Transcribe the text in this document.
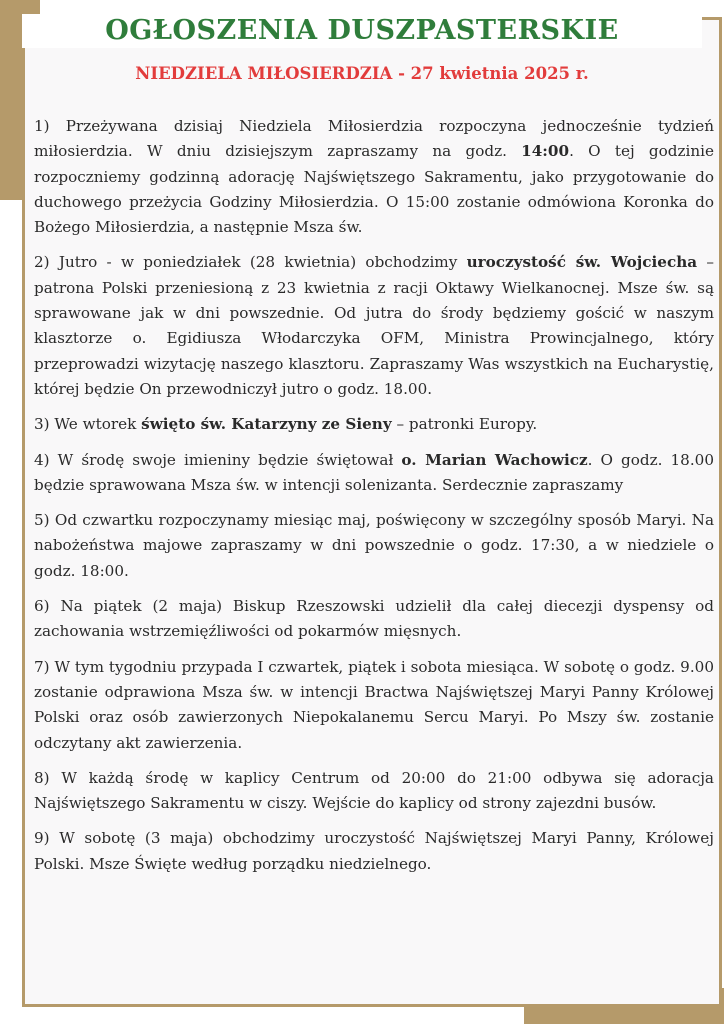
OGŁOSZENIA DUSZPASTERSKIE
NIEDZIELA MIŁOSIERDZIA - 27 kwietnia 2025 r.

1) Przeżywana dzisiaj Niedziela Miłosierdzia rozpoczyna jednocześnie tydzień miłosierdzia. W dniu dzisiejszym zapraszamy na godz. 14:00. O tej godzinie rozpoczniemy godzinną adorację Najświętszego Sakramentu, jako przygotowanie do duchowego przeżycia Godziny Miłosierdzia. O 15:00 zostanie odmówiona Koronka do Bożego Miłosierdzia, a następnie Msza św.

2) Jutro - w poniedziałek (28 kwietnia) obchodzimy uroczystość św. Wojciecha – patrona Polski przeniesioną z 23 kwietnia z racji Oktawy Wielkanocnej. Msze św. są sprawowane jak w dni powszednie. Od jutra do środy będziemy gościć w naszym klasztorze o. Egidiusza Włodarczyka OFM, Ministra Prowincjalnego, który przeprowadzi wizytację naszego klasztoru. Zapraszamy Was wszystkich na Eucharystię, której będzie On przewodniczył jutro o godz. 18.00.

3) We wtorek święto św. Katarzyny ze Sieny – patronki Europy.

4) W środę swoje imieniny będzie świętował o. Marian Wachowicz. O godz. 18.00 będzie sprawowana Msza św. w intencji solenizanta. Serdecznie zapraszamy

5) Od czwartku rozpoczynamy miesiąc maj, poświęcony w szczególny sposób Maryi. Na nabożeństwa majowe zapraszamy w dni powszednie o godz. 17:30, a w niedziele o godz. 18:00.

6) Na piątek (2 maja) Biskup Rzeszowski udzielił dla całej diecezji dyspensy od zachowania wstrzemięźliwości od pokarmów mięsnych.

7) W tym tygodniu przypada I czwartek, piątek i sobota miesiąca. W sobotę o godz. 9.00 zostanie odprawiona Msza św. w intencji Bractwa Najświętszej Maryi Panny Królowej Polski oraz osób zawierzonych Niepokalanemu Sercu Maryi. Po Mszy św. zostanie odczytany akt zawierzenia.

8) W każdą środę w kaplicy Centrum od 20:00 do 21:00 odbywa się adoracja Najświętszego Sakramentu w ciszy. Wejście do kaplicy od strony zajezdni busów.

9) W sobotę (3 maja) obchodzimy uroczystość Najświętszej Maryi Panny, Królowej Polski. Msze Święte według porządku niedzielnego.
